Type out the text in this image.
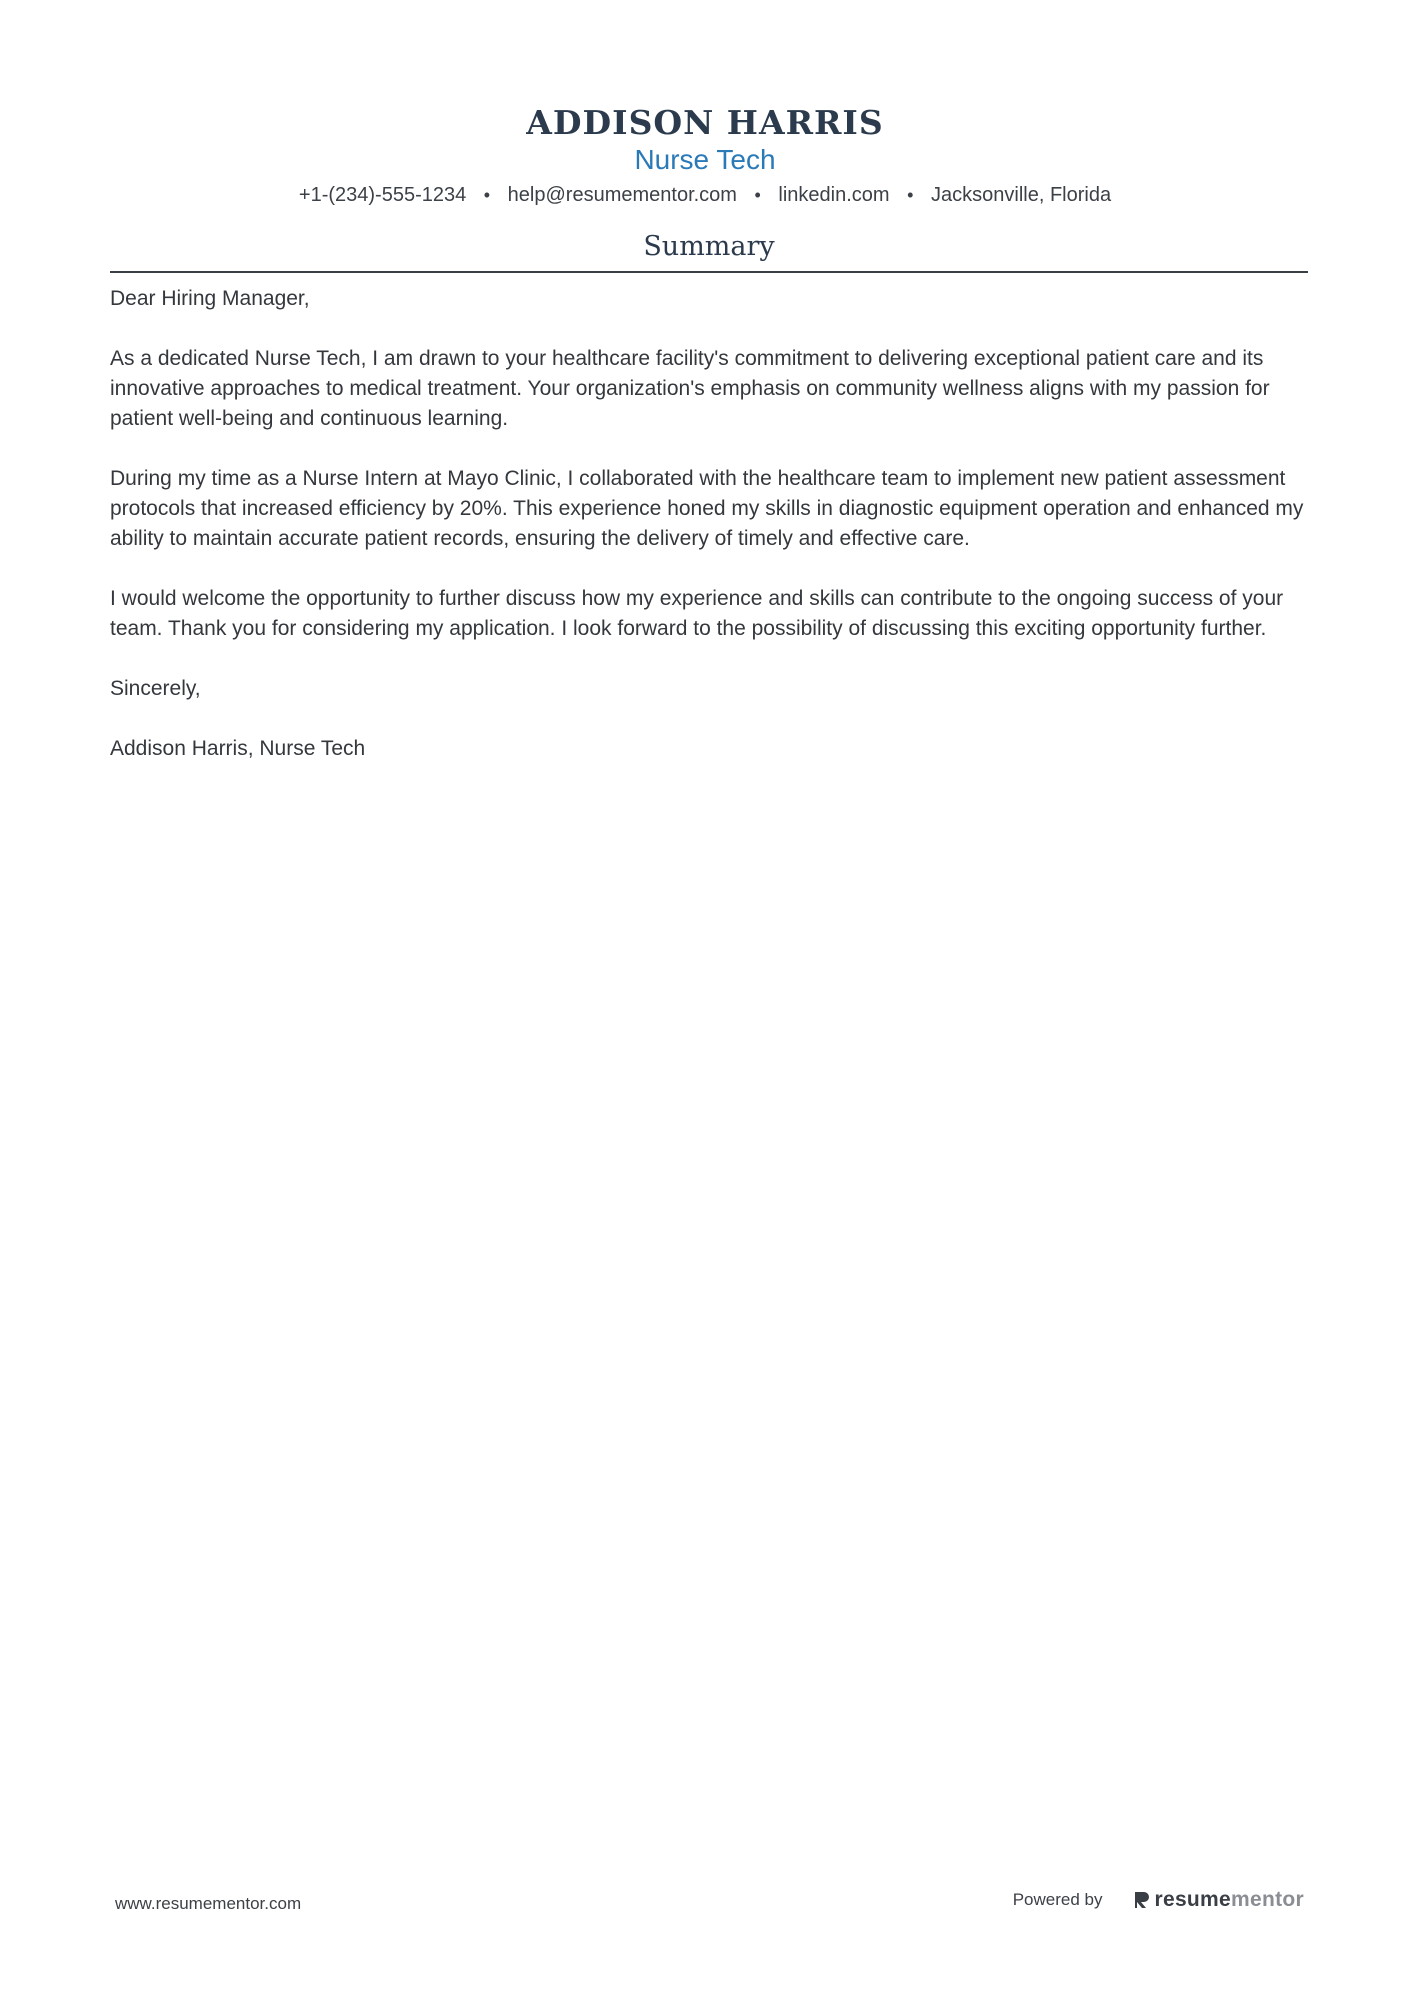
ADDISON HARRIS
Nurse Tech
+1-(234)-555-1234 • help@resumementor.com • linkedin.com • Jacksonville, Florida
Summary

Dear Hiring Manager,

As a dedicated Nurse Tech, I am drawn to your healthcare facility's commitment to delivering exceptional patient care and its innovative approaches to medical treatment. Your organization's emphasis on community wellness aligns with my passion for patient well-being and continuous learning.

During my time as a Nurse Intern at Mayo Clinic, I collaborated with the healthcare team to implement new patient assessment protocols that increased efficiency by 20%. This experience honed my skills in diagnostic equipment operation and enhanced my ability to maintain accurate patient records, ensuring the delivery of timely and effective care.

I would welcome the opportunity to further discuss how my experience and skills can contribute to the ongoing success of your team. Thank you for considering my application. I look forward to the possibility of discussing this exciting opportunity further.

Sincerely,

Addison Harris, Nurse Tech

www.resumementor.com	Powered by resume mentor
